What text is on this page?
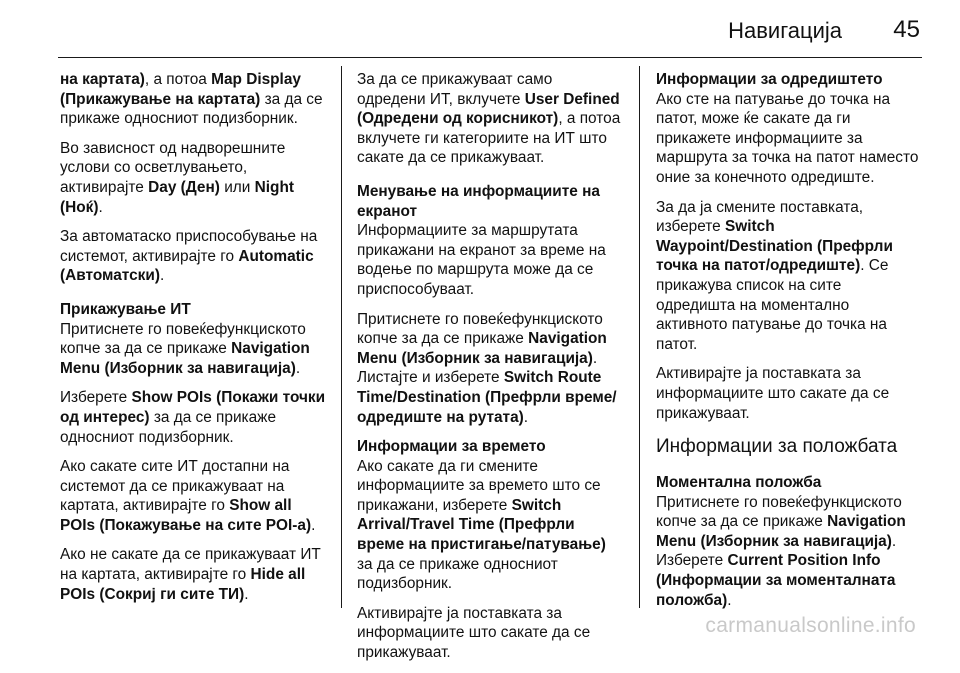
Навигација 45

на картата), а потоа Map Display (Прикажување на картата) за да се прикаже односниот подизборник.

Во зависност од надворешните услови со осветлувањето, активирајте Day (Ден) или Night (Ноќ).

За автоматаско приспособување на системот, активирајте го Automatic (Автоматски).

Прикажување ИТ

Притиснете го повеќефункциското копче за да се прикаже Navigation Menu (Изборник за навигација).

Изберете Show POIs (Покажи точки од интерес) за да се прикаже односниот подизборник.

Ако сакате сите ИТ достапни на системот да се прикажуваат на картата, активирајте го Show all POIs (Покажување на сите POI-а).

Ако не сакате да се прикажуваат ИТ на картата, активирајте го Hide all POIs (Сокриј ги сите ТИ).

За да се прикажуваат само одредени ИТ, вклучете User Defined (Одредени од корисникот), а потоа вклучете ги категориите на ИТ што сакате да се прикажуваат.

Менување на информациите на екранот

Информациите за маршрутата прикажани на екранот за време на водење по маршрута може да се приспособуваат.

Притиснете го повеќефункциското копче за да се прикаже Navigation Menu (Изборник за навигација). Листајте и изберете Switch Route Time/Destination (Префрли време/одредиште на рутата).

Информации за времето

Ако сакате да ги смените информациите за времето што се прикажани, изберете Switch Arrival/Travel Time (Префрли време на пристигање/патување) за да се прикаже односниот подизборник.

Активирајте ја поставката за информациите што сакате да се прикажуваат.

Информации за одредиштето

Ако сте на патување до точка на патот, може ќе сакате да ги прикажете информациите за маршрута за точка на патот наместо оние за конечното одредиште.

За да ја смените поставката, изберете Switch Waypoint/Destination (Префрли точка на патот/одредиште). Се прикажува список на сите одредишта на моментално активното патување до точка на патот.

Активирајте ја поставката за информациите што сакате да се прикажуваат.

Информации за положбата
Моментална положба

Притиснете го повеќефункциското копче за да се прикаже Navigation Menu (Изборник за навигација). Изберете Current Position Info (Информации за моменталната положба).

carmanualsonline.info
